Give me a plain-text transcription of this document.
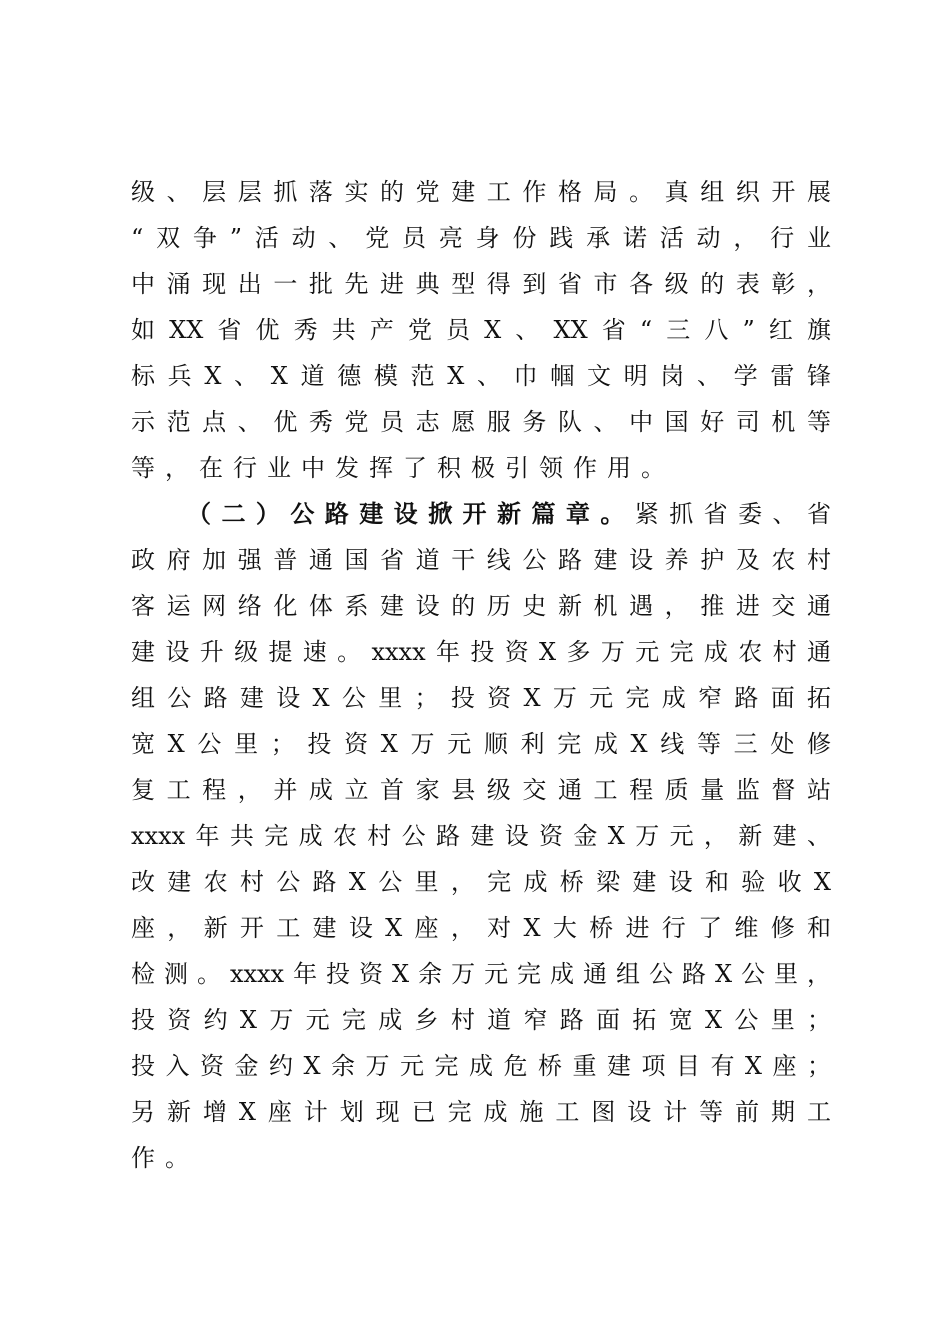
级、层层抓落实的党建工作格局。真组织开展
“双争”活动、党员亮身份践承诺活动，行业
中涌现出一批先进典型得到省市各级的表彰，
如XX省优秀共产党员X、XX省“三八”红旗
标兵X、X道德模范X、巾帼文明岗、学雷锋
示范点、优秀党员志愿服务队、中国好司机等
等，在行业中发挥了积极引领作用。
（二）公路建设掀开新篇章。紧抓省委、省
政府加强普通国省道干线公路建设养护及农村
客运网络化体系建设的历史新机遇，推进交通
建设升级提速。xxxx年投资X多万元完成农村通
组公路建设X公里；投资X万元完成窄路面拓
宽X公里；投资X万元顺利完成X线等三处修
复工程，并成立首家县级交通工程质量监督站
xxxx年共完成农村公路建设资金X万元，新建、
改建农村公路X公里，完成桥梁建设和验收X
座，新开工建设X座，对X大桥进行了维修和
检测。xxxx年投资X余万元完成通组公路X公里，
投资约X万元完成乡村道窄路面拓宽X公里；
投入资金约X余万元完成危桥重建项目有X座；
另新增X座计划现已完成施工图设计等前期工
作。
